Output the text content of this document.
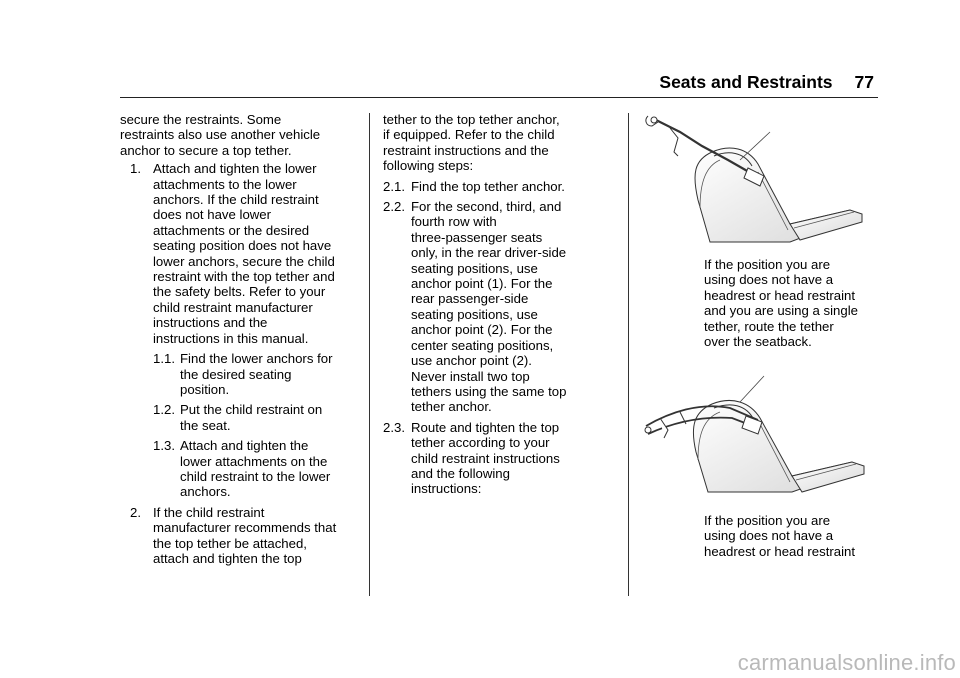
Seats and Restraints 77

secure the restraints. Some
restraints also use another vehicle
anchor to secure a top tether.

1. Attach and tighten the lower
attachments to the lower
anchors. If the child restraint
does not have lower
attachments or the desired
seating position does not have
lower anchors, secure the child
restraint with the top tether and
the safety belts. Refer to your
child restraint manufacturer
instructions and the
instructions in this manual.
1.1. Find the lower anchors for
the desired seating
position.
1.2. Put the child restraint on
the seat.
1.3. Attach and tighten the
lower attachments on the
child restraint to the lower
anchors.
2. If the child restraint
manufacturer recommends that
the top tether be attached,
attach and tighten the top

tether to the top tether anchor,
if equipped. Refer to the child
restraint instructions and the
following steps:

2.1. Find the top tether anchor.
2.2. For the second, third, and
fourth row with
three-passenger seats
only, in the rear driver-side
seating positions, use
anchor point (1). For the
rear passenger-side
seating positions, use
anchor point (2). For the
center seating positions,
use anchor point (2).
Never install two top
tethers using the same top
tether anchor.
2.3. Route and tighten the top
tether according to your
child restraint instructions
and the following
instructions:
If the position you are
using does not have a
headrest or head restraint
and you are using a single
tether, route the tether
over the seatback.
If the position you are
using does not have a
headrest or head restraint
carmanualsonline.info
